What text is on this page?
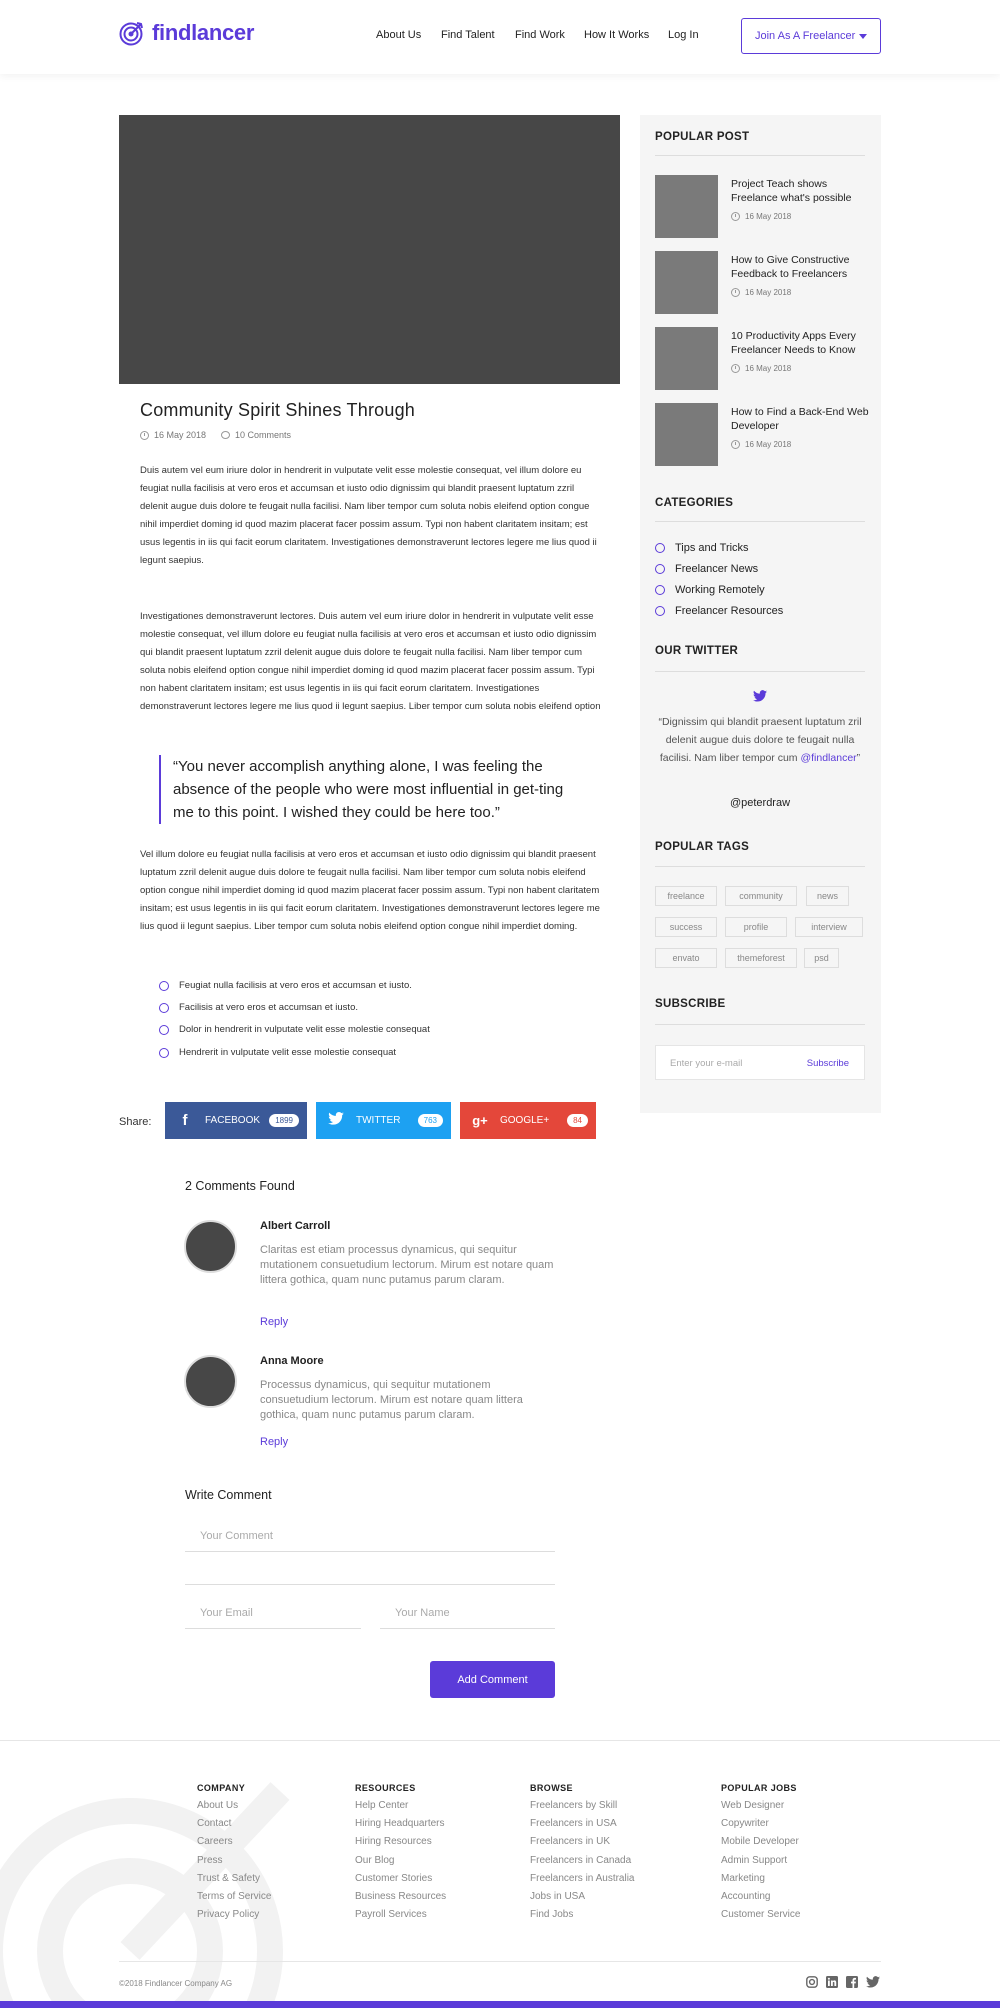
findlancer	About Us Find Talent Find Work How It Works Log In	Join As A Freelancer
Community Spirit Shines Through
16 May 2018	10 Comments

Duis autem vel eum iriure dolor in hendrerit in vulputate velit esse molestie consequat, vel illum dolore eu feugiat nulla facilisis at vero eros et accumsan et iusto odio dignissim qui blandit praesent luptatum zzril delenit augue duis dolore te feugait nulla facilisi. Nam liber tempor cum soluta nobis eleifend option congue nihil imperdiet doming id quod mazim placerat facer possim assum. Typi non habent claritatem insitam; est usus legentis in iis qui facit eorum claritatem. Investigationes demonstraverunt lectores legere me lius quod ii legunt saepius.

Investigationes demonstraverunt lectores. Duis autem vel eum iriure dolor in hendrerit in vulputate velit esse molestie consequat, vel illum dolore eu feugiat nulla facilisis at vero eros et accumsan et iusto odio dignissim qui blandit praesent luptatum zzril delenit augue duis dolore te feugait nulla facilisi. Nam liber tempor cum soluta nobis eleifend option congue nihil imperdiet doming id quod mazim placerat facer possim assum. Typi non habent claritatem insitam; est usus legentis in iis qui facit eorum claritatem. Investigationes demonstraverunt lectores legere me lius quod ii legunt saepius. Liber tempor cum soluta nobis eleifend option

“You never accomplish anything alone, I was feeling the absence of the people who were most influential in get-ting me to this point. I wished they could be here too.”

Vel illum dolore eu feugiat nulla facilisis at vero eros et accumsan et iusto odio dignissim qui blandit praesent luptatum zzril delenit augue duis dolore te feugait nulla facilisi. Nam liber tempor cum soluta nobis eleifend option congue nihil imperdiet doming id quod mazim placerat facer possim assum. Typi non habent claritatem insitam; est usus legentis in iis qui facit eorum claritatem. Investigationes demonstraverunt lectores legere me lius quod ii legunt saepius. Liber tempor cum soluta nobis eleifend option congue nihil imperdiet doming.

Feugiat nulla facilisis at vero eros et accumsan et iusto.
Facilisis at vero eros et accumsan et iusto.
Dolor in hendrerit in vulputate velit esse molestie consequat
Hendrerit in vulputate velit esse molestie consequat
Share:	f	FACEBOOK	1899	TWITTER	763	g+ GOOGLE+	84
2 Comments Found
Albert Carroll
Claritas est etiam processus dynamicus, qui sequitur mutationem consuetudium lectorum. Mirum est notare quam littera gothica, quam nunc putamus parum claram.
Reply
Anna Moore
Processus dynamicus, qui sequitur mutationem consuetudium lectorum. Mirum est notare quam littera gothica, quam nunc putamus parum claram.
Reply
Write Comment
Your Comment
Your Email	Your Name
Add Comment
POPULAR POST
Project Teach shows Freelance what's possible
16 May 2018
How to Give Constructive Feedback to Freelancers
16 May 2018
10 Productivity Apps Every Freelancer Needs to Know
16 May 2018
How to Find a Back-End Web Developer
16 May 2018
CATEGORIES
Tips and Tricks
Freelancer News
Working Remotely
Freelancer Resources
OUR TWITTER
“Dignissim qui blandit praesent luptatum zril delenit augue duis dolore te feugait nulla facilisi. Nam liber tempor cum @findlancer”
@peterdraw
POPULAR TAGS
freelance	community	news
success	profile	interview
envato	themeforest	psd
SUBSCRIBE
Enter your e-mail	Subscribe
COMPANY
About Us
Contact
Careers
Press
Trust & Safety
Terms of Service
Privacy Policy
RESOURCES
Help Center
Hiring Headquarters
Hiring Resources
Our Blog
Customer Stories
Business Resources
Payroll Services
BROWSE
Freelancers by Skill
Freelancers in USA
Freelancers in UK
Freelancers in Canada
Freelancers in Australia
Jobs in USA
Find Jobs
POPULAR JOBS
Web Designer
Copywriter
Mobile Developer
Admin Support
Marketing
Accounting
Customer Service
©2018 Findlancer Company AG
